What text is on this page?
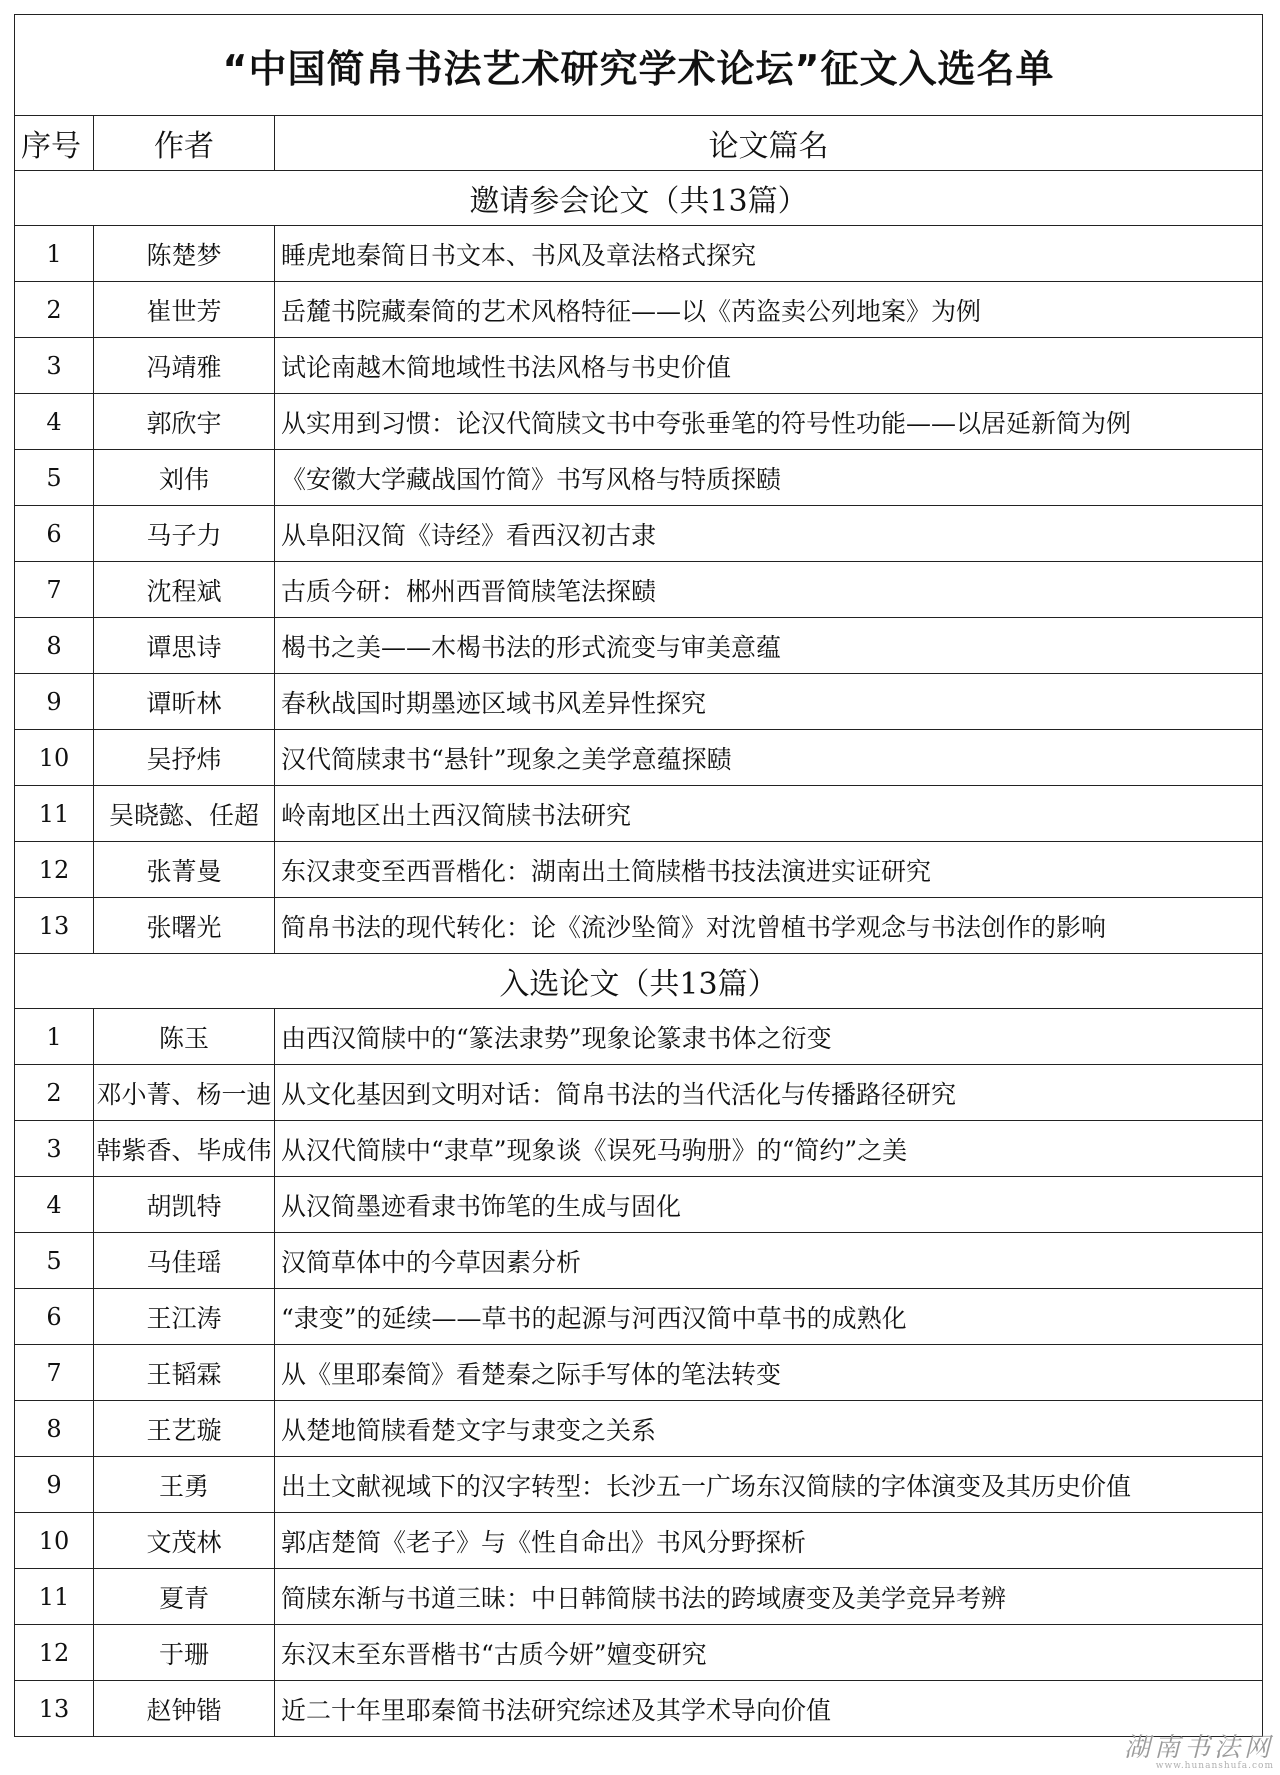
“中国简帛书法艺术研究学术论坛”征文入选名单		
序号	作者	论文篇名
邀请参会论文（共13篇）		
1	陈楚梦	睡虎地秦简日书文本、书风及章法格式探究
2	崔世芳	岳麓书院藏秦简的艺术风格特征——以《芮盗卖公列地案》为例
3	冯靖雅	试论南越木简地域性书法风格与书史价值
4	郭欣宇	从实用到习惯：论汉代简牍文书中夸张垂笔的符号性功能——以居延新简为例
5	刘伟	《安徽大学藏战国竹简》书写风格与特质探赜
6	马子力	从阜阳汉简《诗经》看西汉初古隶
7	沈程斌	古质今研：郴州西晋简牍笔法探赜
8	谭思诗	楬书之美——木楬书法的形式流变与审美意蕴
9	谭昕林	春秋战国时期墨迹区域书风差异性探究
10	吴抒炜	汉代简牍隶书“悬针”现象之美学意蕴探赜
11	吴晓懿、任超	岭南地区出土西汉简牍书法研究
12	张菁曼	东汉隶变至西晋楷化：湖南出土简牍楷书技法演进实证研究
13	张曙光	简帛书法的现代转化：论《流沙坠简》对沈曾植书学观念与书法创作的影响
入选论文（共13篇）		
1	陈玉	由西汉简牍中的“篆法隶势”现象论篆隶书体之衍变
2	邓小菁、杨一迪	从文化基因到文明对话：简帛书法的当代活化与传播路径研究
3	韩紫香、毕成伟	从汉代简牍中“隶草”现象谈《误死马驹册》的“简约”之美
4	胡凯特	从汉简墨迹看隶书饰笔的生成与固化
5	马佳瑶	汉简草体中的今草因素分析
6	王江涛	“隶变”的延续——草书的起源与河西汉简中草书的成熟化
7	王韬霖	从《里耶秦简》看楚秦之际手写体的笔法转变
8	王艺璇	从楚地简牍看楚文字与隶变之关系
9	王勇	出土文献视域下的汉字转型：长沙五一广场东汉简牍的字体演变及其历史价值
10	文茂林	郭店楚简《老子》与《性自命出》书风分野探析
11	夏青	简牍东渐与书道三昧：中日韩简牍书法的跨域赓变及美学竞异考辨
12	于珊	东汉末至东晋楷书“古质今妍”嬗变研究
13	赵钟锴	近二十年里耶秦简书法研究综述及其学术导向价值
湖南书法网
www.hunanshufa.com
